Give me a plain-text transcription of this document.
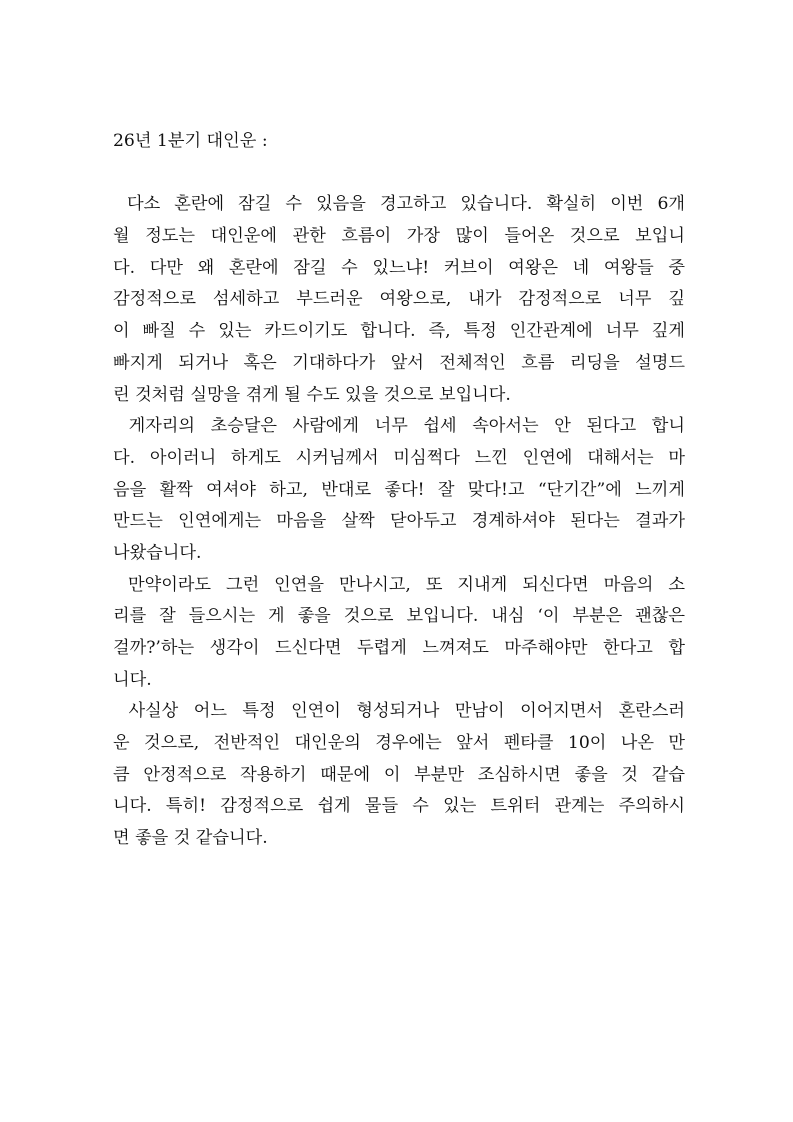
26년 1분기 대인운 :
다소 혼란에 잠길 수 있음을 경고하고 있습니다. 확실히 이번 6개
월 정도는 대인운에 관한 흐름이 가장 많이 들어온 것으로 보입니
다. 다만 왜 혼란에 잠길 수 있느냐! 커브이 여왕은 네 여왕들 중
감정적으로 섬세하고 부드러운 여왕으로, 내가 감정적으로 너무 깊
이 빠질 수 있는 카드이기도 합니다. 즉, 특정 인간관계에 너무 깊게
빠지게 되거나 혹은 기대하다가 앞서 전체적인 흐름 리딩을 설명드
린 것처럼 실망을 겪게 될 수도 있을 것으로 보입니다.
게자리의 초승달은 사람에게 너무 쉽세 속아서는 안 된다고 합니
다. 아이러니 하게도 시커님께서 미심쩍다 느낀 인연에 대해서는 마
음을 활짝 여셔야 하고, 반대로 좋다! 잘 맞다!고 “단기간”에 느끼게
만드는 인연에게는 마음을 살짝 닫아두고 경계하셔야 된다는 결과가
나왔습니다.
만약이라도 그런 인연을 만나시고, 또 지내게 되신다면 마음의 소
리를 잘 들으시는 게 좋을 것으로 보입니다. 내심 ‘이 부분은 괜찮은
걸까?’하는 생각이 드신다면 두렵게 느껴져도 마주해야만 한다고 합
니다.
사실상 어느 특정 인연이 형성되거나 만남이 이어지면서 혼란스러
운 것으로, 전반적인 대인운의 경우에는 앞서 펜타클 10이 나온 만
큼 안정적으로 작용하기 때문에 이 부분만 조심하시면 좋을 것 같습
니다. 특히! 감정적으로 쉽게 물들 수 있는 트위터 관계는 주의하시
면 좋을 것 같습니다.
